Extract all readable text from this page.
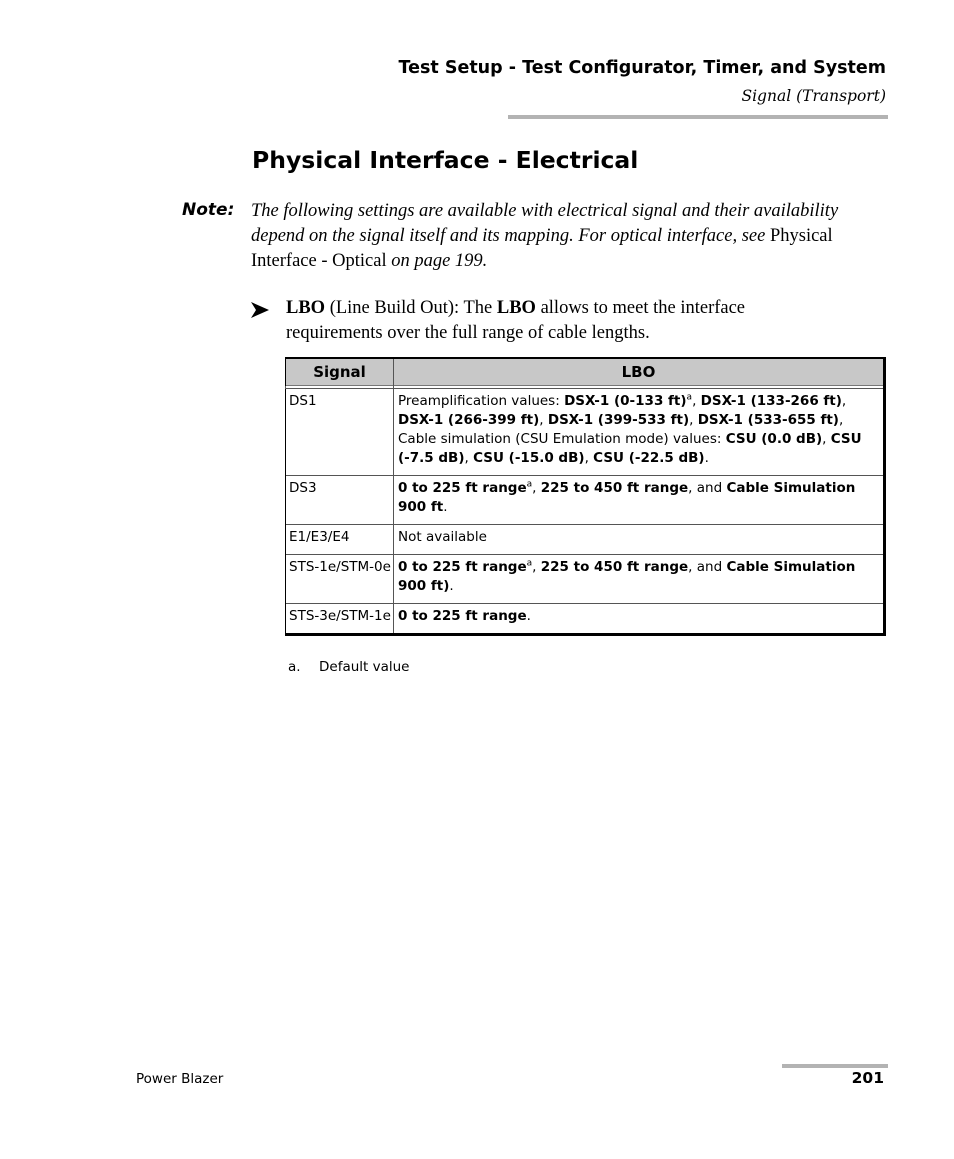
Test Setup - Test Configurator, Timer, and System
Signal (Transport)
Physical Interface - Electrical
Note: The following settings are available with electrical signal and their availability depend on the signal itself and its mapping. For optical interface, see Physical Interface - Optical on page 199.
LBO (Line Build Out): The LBO allows to meet the interface requirements over the full range of cable lengths.
Signal	LBO

DS1	Preamplification values: DSX-1 (0-133 ft)$^a$, DSX-1 (133-266 ft), DSX-1 (266-399 ft), DSX-1 (399-533 ft), DSX-1 (533-655 ft), Cable simulation (CSU Emulation mode) values: CSU (0.0 dB), CSU (-7.5 dB), CSU (-15.0 dB), CSU (-22.5 dB).
DS3	0 to 225 ft range$^a$, 225 to 450 ft range, and Cable Simulation 900 ft.
E1/E3/E4	Not available
STS-1e/STM-0e	0 to 225 ft range$^a$, 225 to 450 ft range, and Cable Simulation 900 ft).
STS-3e/STM-1e	0 to 225 ft range.
a. Default value
Power Blazer	201
